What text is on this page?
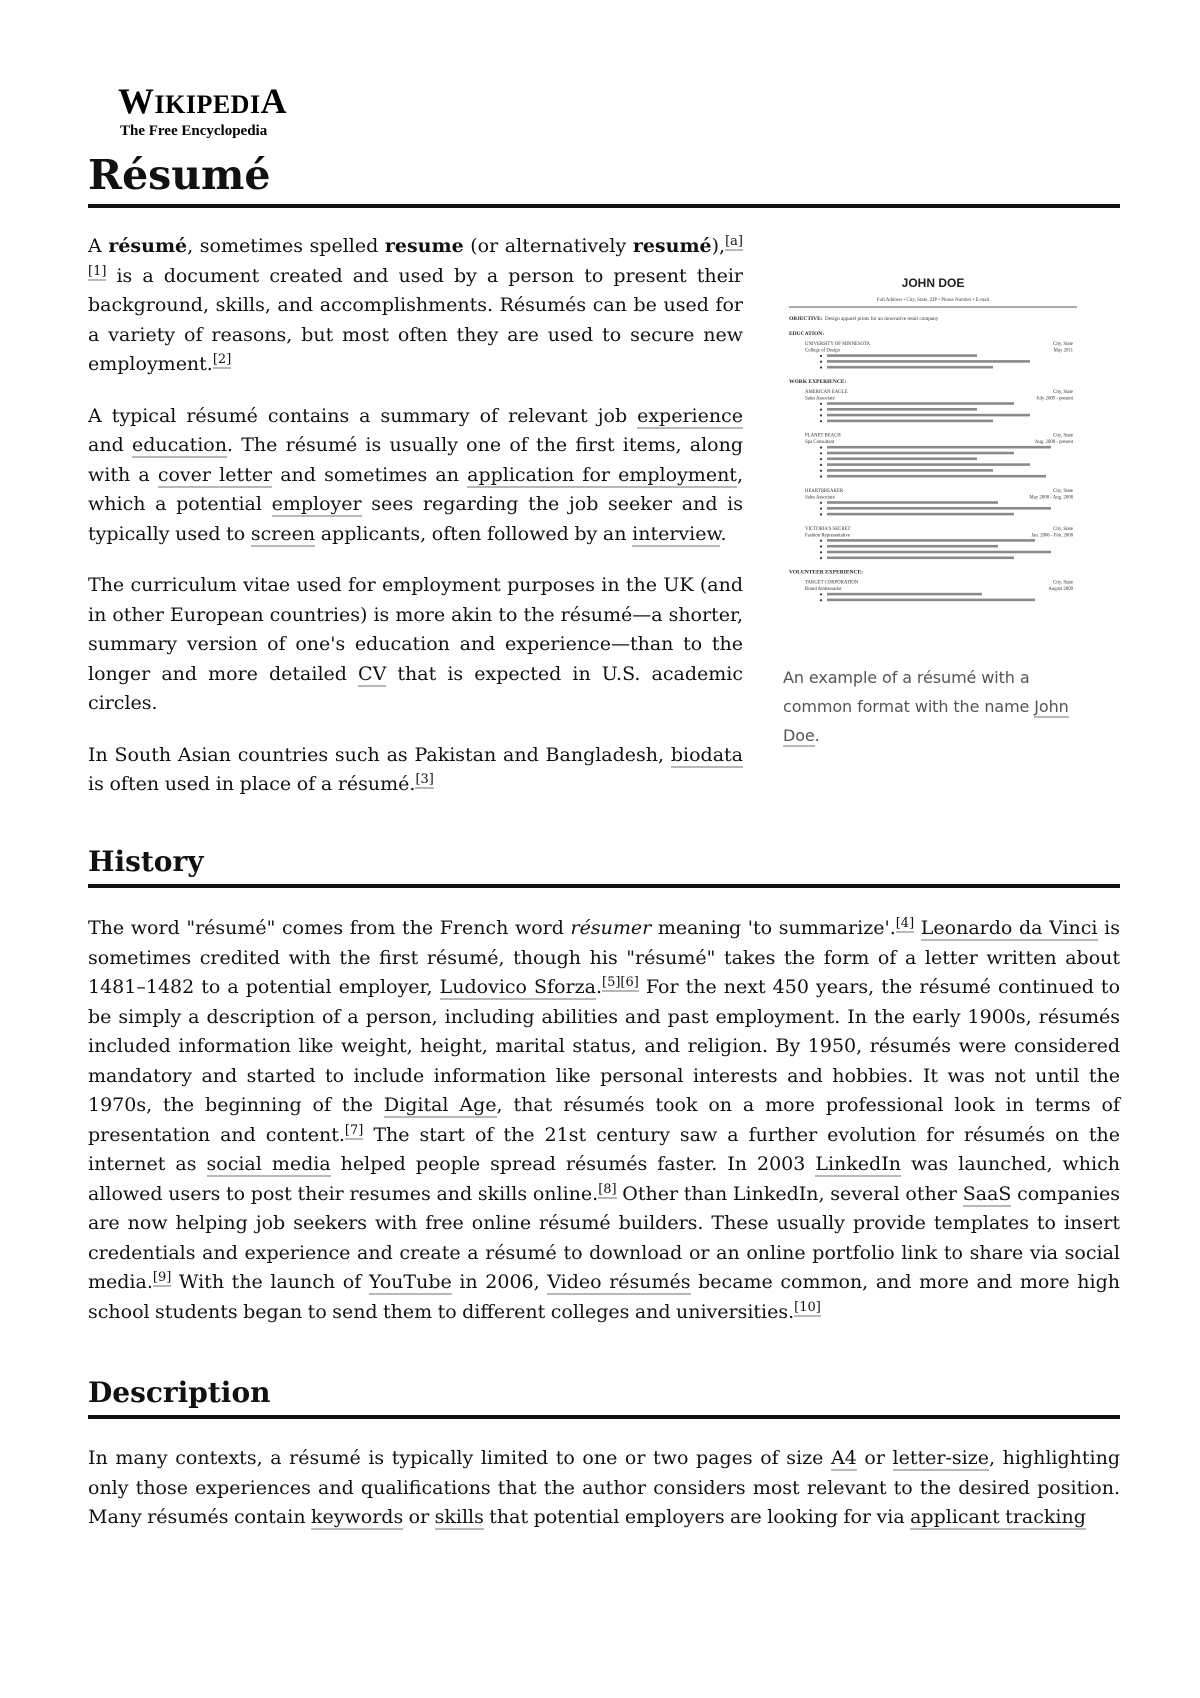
WIKIPEDIA
The Free Encyclopedia
Résumé

A résumé, sometimes spelled resume (or alternatively resumé),[a][1] is a document created and used by a person to present their background, skills, and accomplishments. Résumés can be used for a variety of reasons, but most often they are used to secure new employment.[2]

A typical résumé contains a summary of relevant job experience and education. The résumé is usually one of the first items, along with a cover letter and sometimes an application for employment, which a potential employer sees regarding the job seeker and is typically used to screen applicants, often followed by an interview.

The curriculum vitae used for employment purposes in the UK (and in other European countries) is more akin to the résumé—a shorter, summary version of one's education and experience—than to the longer and more detailed CV that is expected in U.S. academic circles.

In South Asian countries such as Pakistan and Bangladesh, biodata is often used in place of a résumé.[3]

JOHN DOE
Full Address • City, State, ZIP • Phone Number • E-mail
OBJECTIVE: Design apparel prints for an innovative retail company
EDUCATION:
UNIVERSITY OF MINNESOTA	City, State
College of Design	May 2011
WORK EXPERIENCE:
AMERICAN EAGLE	City, State
Sales Associate	July 2009 - present
PLANET BEACH	City, State
Spa Consultant	Aug. 2008 - present
HEARTBREAKER	City, State
Sales Associate	May 2008 - Aug. 2008
VICTORIA'S SECRET	City, State
Fashion Representative	Jan. 2006 - Feb. 2008
VOLUNTEER EXPERIENCE:
TARGET CORPORATION	City, State
Brand Ambassador	August 2009
An example of a résumé with a common format with the name John Doe.
History

The word "résumé" comes from the French word résumer meaning 'to summarize'.[4] Leonardo da Vinci is sometimes credited with the first résumé, though his "résumé" takes the form of a letter written about 1481–1482 to a potential employer, Ludovico Sforza.[5][6] For the next 450 years, the résumé continued to be simply a description of a person, including abilities and past employment. In the early 1900s, résumés included information like weight, height, marital status, and religion. By 1950, résumés were considered mandatory and started to include information like personal interests and hobbies. It was not until the 1970s, the beginning of the Digital Age, that résumés took on a more professional look in terms of presentation and content.[7] The start of the 21st century saw a further evolution for résumés on the internet as social media helped people spread résumés faster. In 2003 LinkedIn was launched, which allowed users to post their resumes and skills online.[8] Other than LinkedIn, several other SaaS companies are now helping job seekers with free online résumé builders. These usually provide templates to insert credentials and experience and create a résumé to download or an online portfolio link to share via social media.[9] With the launch of YouTube in 2006, Video résumés became common, and more and more high school students began to send them to different colleges and universities.[10]

Description

In many contexts, a résumé is typically limited to one or two pages of size A4 or letter-size, highlighting only those experiences and qualifications that the author considers most relevant to the desired position. Many résumés contain keywords or skills that potential employers are looking for via applicant tracking
